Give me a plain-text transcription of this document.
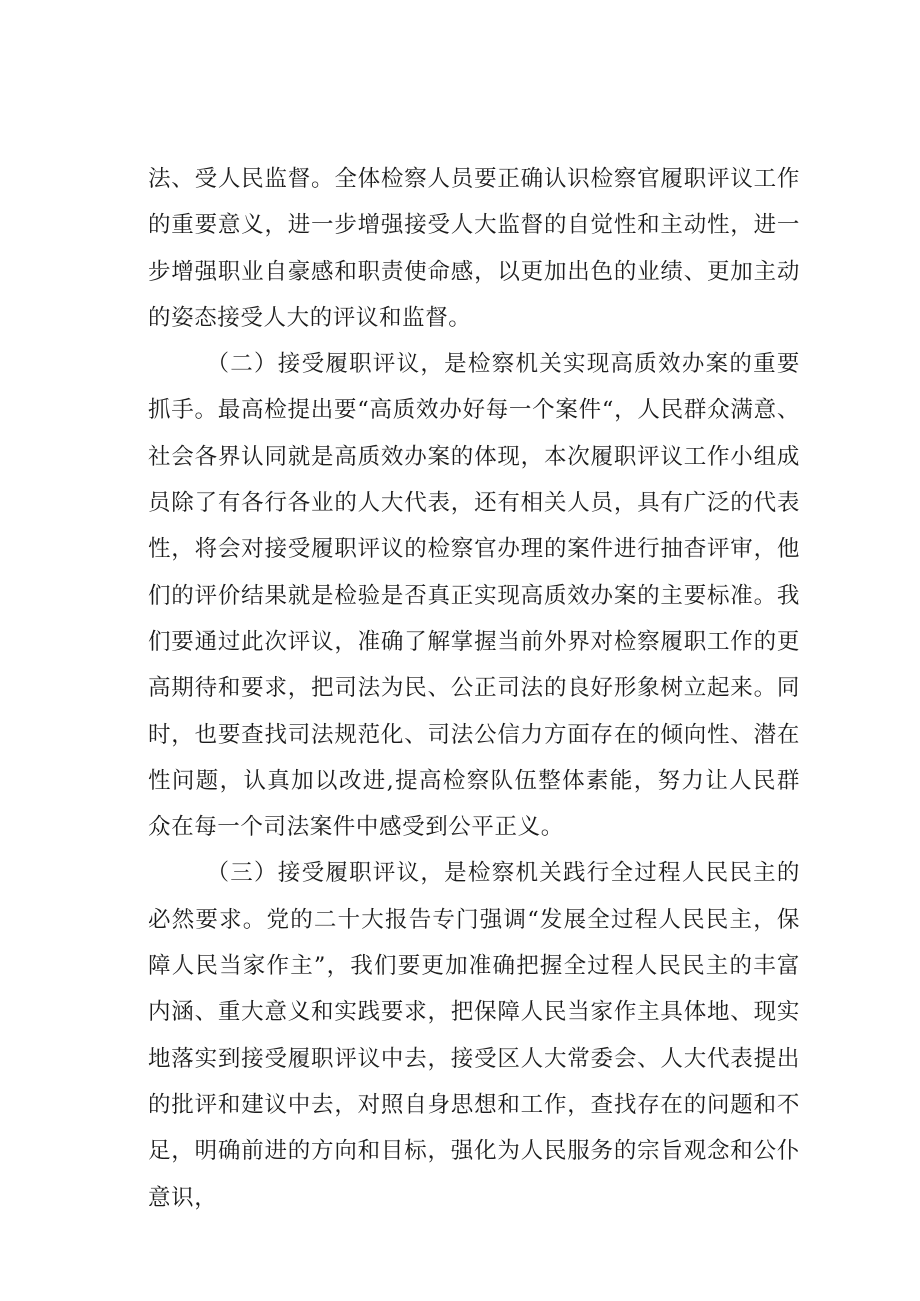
法、受人民监督。全体检察人员要正确认识检察官履职评议工作的重要意义，进一步增强接受人大监督的自觉性和主动性，进一步增强职业自豪感和职责使命感，以更加出色的业绩、更加主动的姿态接受人大的评议和监督。

（二）接受履职评议，是检察机关实现高质效办案的重要抓手。最高检提出要“高质效办好每一个案件“，人民群众满意、社会各界认同就是高质效办案的体现，本次履职评议工作小组成员除了有各行各业的人大代表，还有相关人员，具有广泛的代表性，将会对接受履职评议的检察官办理的案件进行抽杳评审，他们的评价结果就是检验是否真正实现高质效办案的主要标准。我们要通过此次评议，准确了解掌握当前外界对检察履职工作的更高期待和要求，把司法为民、公正司法的良好形象树立起来。同时，也要查找司法规范化、司法公信力方面存在的倾向性、潜在性问题，认真加以改进,提高检察队伍整体素能，努力让人民群众在每一个司法案件中感受到公平正义。

（三）接受履职评议，是检察机关践行全过程人民民主的必然要求。党的二十大报告专门强调“发展全过程人民民主，保障人民当家作主”，我们要更加准确把握全过程人民民主的丰富内涵、重大意义和实践要求，把保障人民当家作主具体地、现实地落实到接受履职评议中去，接受区人大常委会、人大代表提出的批评和建议中去，对照自身思想和工作，查找存在的问题和不足，明确前进的方向和目标，强化为人民服务的宗旨观念和公仆意识，
